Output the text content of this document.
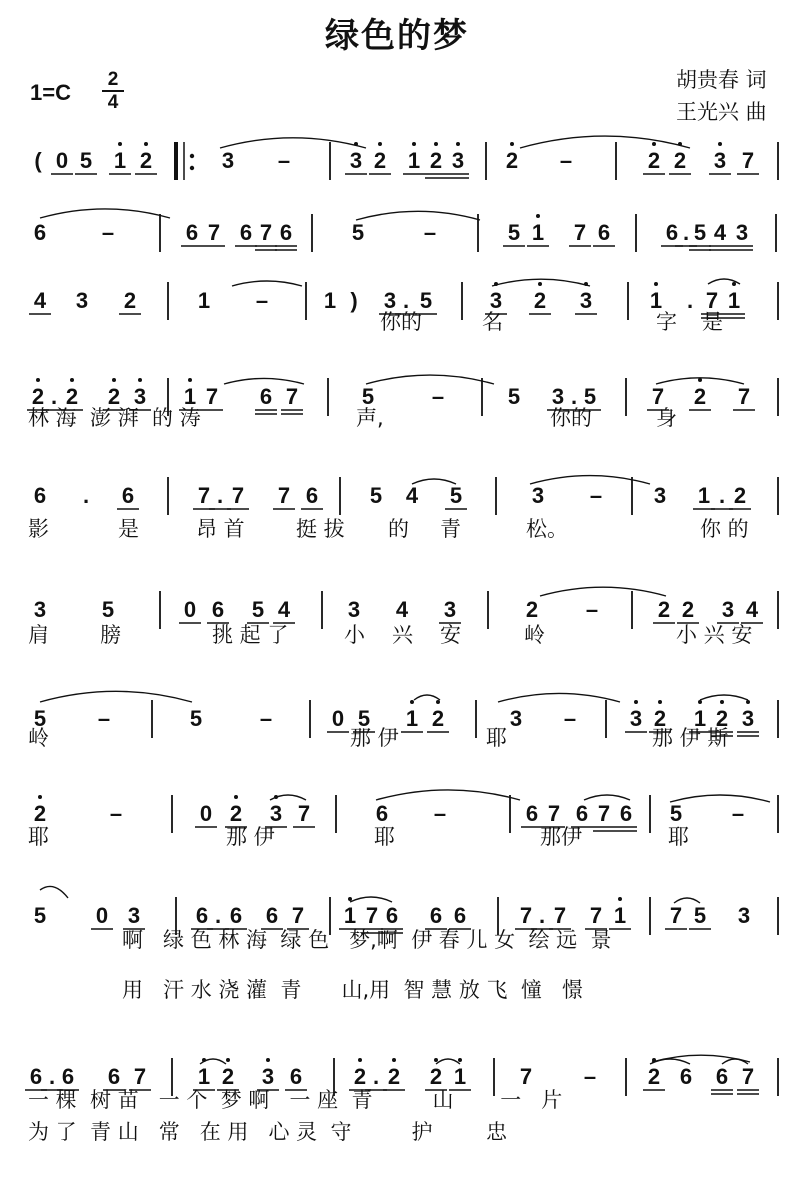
绿色的梦
1=C
2
4
胡贵春 词
王光兴 曲
( 0 5 1 2	3 –	3 2 1 2 3 2 –	2 2 3 7
6	–	6 7 6 7 6	5	–	5 1 7 6	6 . 5 4 3
4 3 2	1 –	1 ) 3 . 5	3 2 3	1 . 7 1
2 . 2 2 3 1 7 6 7	5	–	5 3 . 5	7 2 7
6 . 6	7 . 7 7 6 5 4 5	3 – 3 1 . 2
3	5	0 6 5 4	3 4 3	2 –	2 2 3 4
5 –	5	–	0 5 1 2	3 – 3 2 1 2 3
2	–	0 2 3 7	6 –	6 7 6 7 6 5 –
5 0 3	6 . 6 6 7 1 7 6 6 6 7 . 7 7 1 7 5 3
6 . 6 6 7 1 2 3 6 2 . 2 2 1 7 – 2 6 6 7
你的	名	字 是
林 海  澎 湃  的 涛	声,	你的	身
影	是	昂 首 挺 拔 的 青	松。	你 的
肩 膀	挑 起 了	小 兴 安	岭	小 兴 安
岭	那 伊	耶	那 伊 斯
耶	那 伊	耶	那伊	耶
啊   绿 色 林 海  绿 色   梦,啊  伊 春 儿 女  绘 远  景
用   汗 水 浇 灌  青      山,用  智 慧 放 飞  憧   憬
一 棵  树 苗   一 个  梦 啊   一 座  青         山       一   片
为 了  青 山   常   在 用   心 灵  守         护        忠
